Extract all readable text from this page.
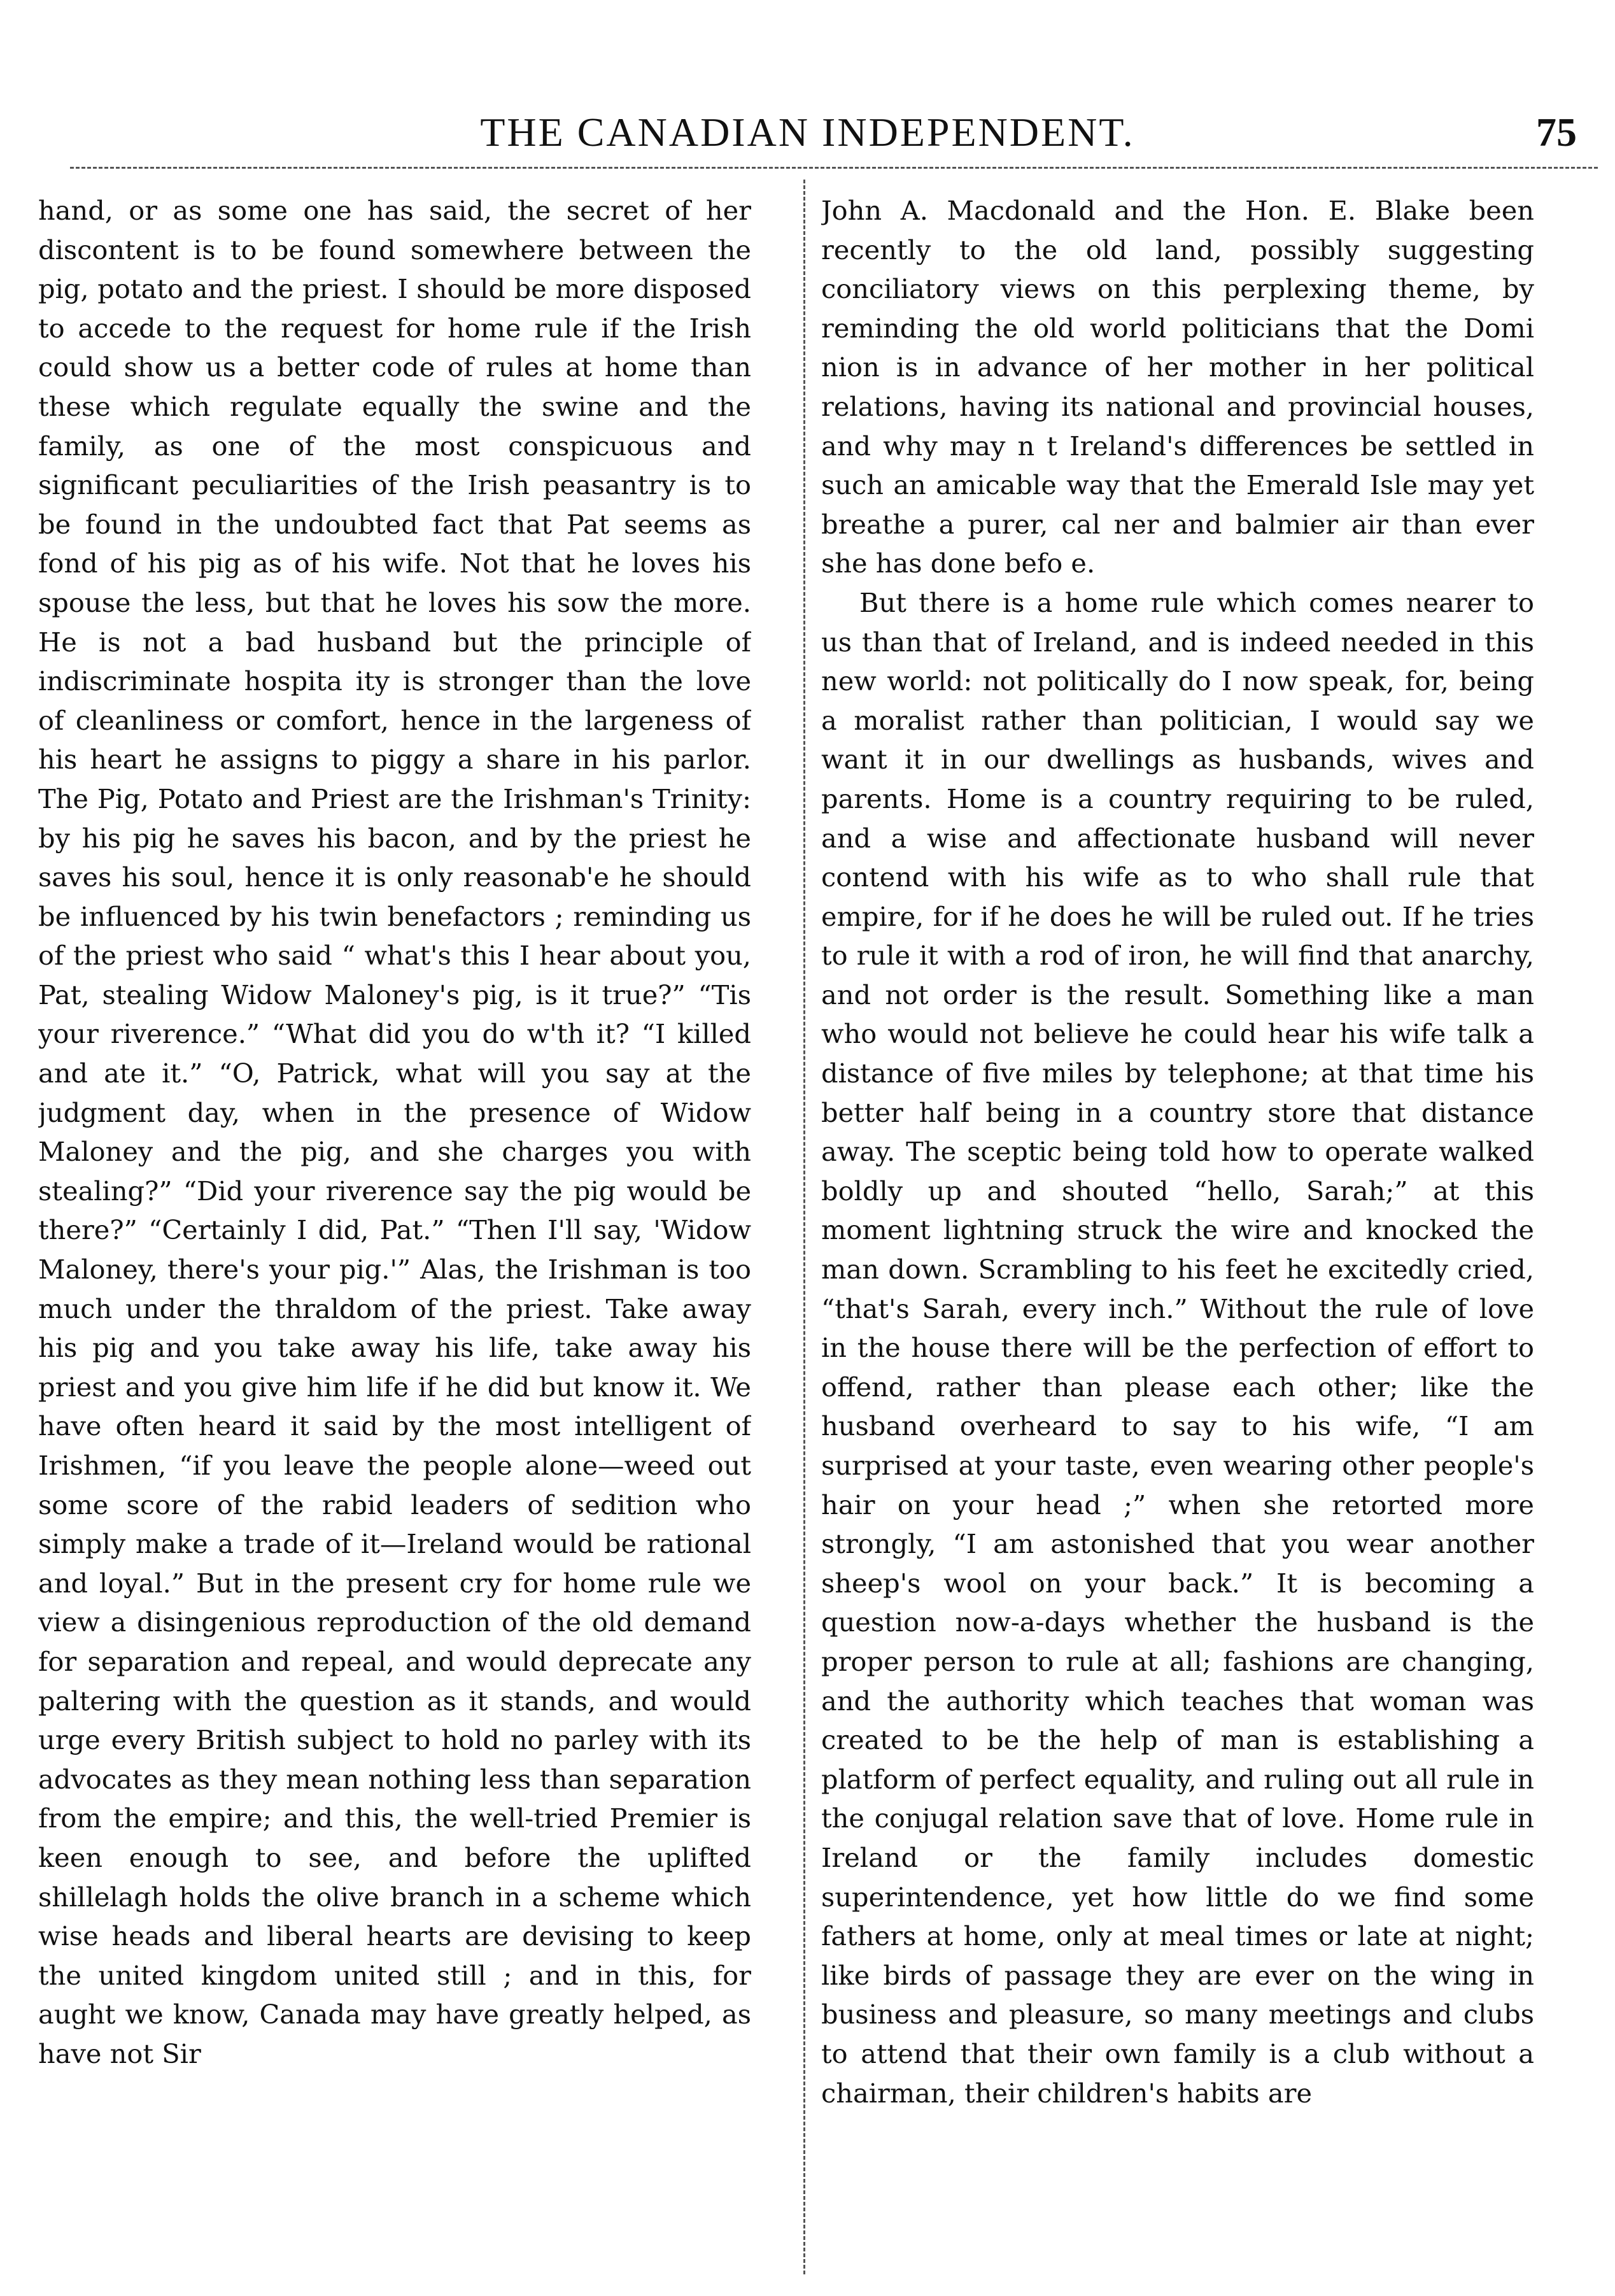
THE CANADIAN INDEPENDENT.	75

hand, or as some one has said, the secret of her discontent is to be found somewhere between the pig, potato and the priest. I should be more disposed to accede to the request for home rule if the Irish could show us a better code of rules at home than these which regulate equally the swine and the family, as one of the most conspicuous and significant peculiarities of the Irish peasantry is to be found in the undoubted fact that Pat seems as fond of his pig as of his wife. Not that he loves his spouse the less, but that he loves his sow the more. He is not a bad husband but the principle of indiscriminate hospita ity is stronger than the love of cleanliness or comfort, hence in the largeness of his heart he assigns to piggy a share in his parlor. The Pig, Potato and Priest are the Irishman's Trinity: by his pig he saves his bacon, and by the priest he saves his soul, hence it is only reasonab'e he should be influenced by his twin benefactors ; reminding us of the priest who said “ what's this I hear about you, Pat, stealing Widow Maloney's pig, is it true?” “Tis your riverence.” “What did you do w'th it? “I killed and ate it.” “O, Patrick, what will you say at the judgment day, when in the presence of Widow Maloney and the pig, and she charges you with stealing?” “Did your riverence say the pig would be there?” “Certainly I did, Pat.” “Then I'll say, 'Widow Maloney, there's your pig.'” Alas, the Irishman is too much under the thraldom of the priest. Take away his pig and you take away his life, take away his priest and you give him life if he did but know it. We have often heard it said by the most intelligent of Irishmen, “if you leave the people alone—weed out some score of the rabid leaders of sedition who simply make a trade of it—Ireland would be rational and loyal.” But in the present cry for home rule we view a disingenious reproduction of the old demand for separation and repeal, and would deprecate any paltering with the question as it stands, and would urge every British subject to hold no parley with its advocates as they mean nothing less than separation from the empire; and this, the well-tried Premier is keen enough to see, and before the uplifted shillelagh holds the olive branch in a scheme which wise heads and liberal hearts are devising to keep the united kingdom united still ; and in this, for aught we know, Canada may have greatly helped, as have not Sir

John A. Macdonald and the Hon. E. Blake been recently to the old land, possibly suggesting conciliatory views on this perplexing theme, by reminding the old world politicians that the Domi nion is in advance of her mother in her political relations, having its national and provincial houses, and why may n t Ireland's differences be settled in such an amicable way that the Emerald Isle may yet breathe a purer, cal ner and balmier air than ever she has done befo e.

But there is a home rule which comes nearer to us than that of Ireland, and is indeed needed in this new world: not politically do I now speak, for, being a moralist rather than politician, I would say we want it in our dwellings as husbands, wives and parents. Home is a country requiring to be ruled, and a wise and affectionate husband will never contend with his wife as to who shall rule that empire, for if he does he will be ruled out. If he tries to rule it with a rod of iron, he will find that anarchy, and not order is the result. Something like a man who would not believe he could hear his wife talk a distance of five miles by telephone; at that time his better half being in a country store that distance away. The sceptic being told how to operate walked boldly up and shouted “hello, Sarah;” at this moment lightning struck the wire and knocked the man down. Scrambling to his feet he excitedly cried, “that's Sarah, every inch.” Without the rule of love in the house there will be the perfection of effort to offend, rather than please each other; like the husband overheard to say to his wife, “I am surprised at your taste, even wearing other people's hair on your head ;” when she retorted more strongly, “I am astonished that you wear another sheep's wool on your back.” It is becoming a question now-a-days whether the husband is the proper person to rule at all; fashions are changing, and the authority which teaches that woman was created to be the help of man is establishing a platform of perfect equality, and ruling out all rule in the conjugal relation save that of love. Home rule in Ireland or the family includes domestic superintendence, yet how little do we find some fathers at home, only at meal times or late at night; like birds of passage they are ever on the wing in business and pleasure, so many meetings and clubs to attend that their own family is a club without a chairman, their children's habits are
